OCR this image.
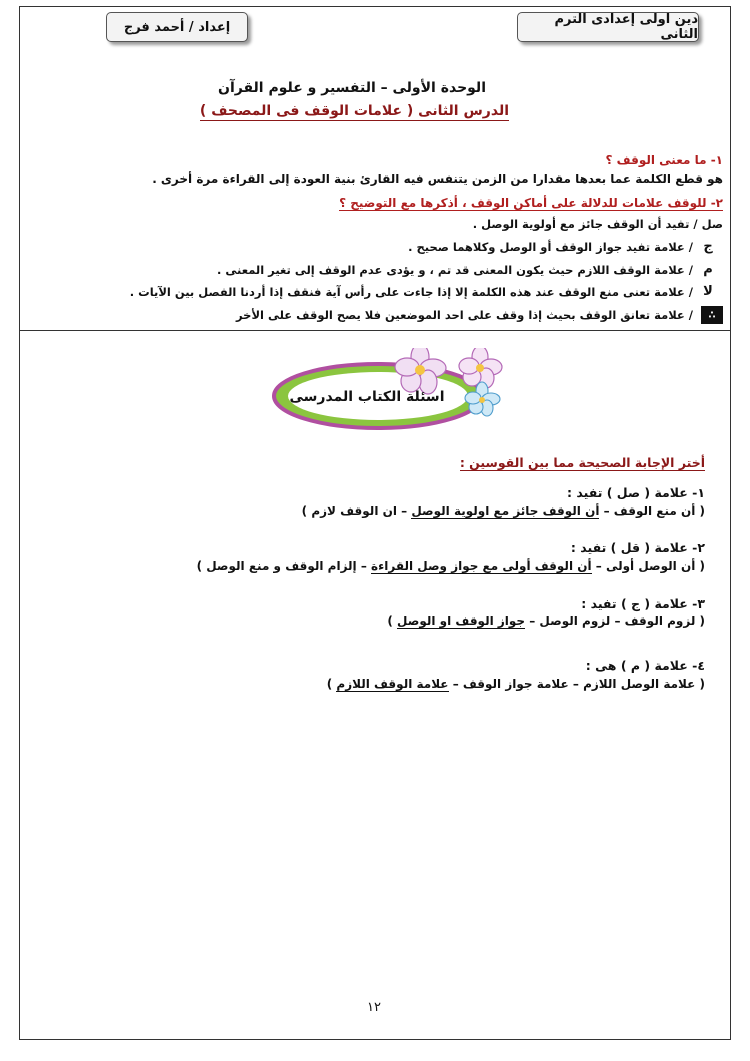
دين اولى إعدادى الترم الثانى
إعداد / أحمد فرج
الوحدة الأولى – التفسير و علوم القرآن
الدرس الثانى ( علامات الوقف فى المصحف )
١- ما معنى الوقف ؟
هو قطع الكلمة عما بعدها مقدارا من الزمن يتنفس فيه القارئ بنية العودة إلى القراءة مرة أخرى .
٢- للوقف علامات للدلالة على أماكن الوقف ، أذكرها مع التوضيح ؟
صل /

تفيد أن الوقف جائز مع أولوية الوصل .
ج
/ علامة تفيد جواز الوقف أو الوصل وكلاهما صحيح .
م
/ علامة الوقف اللازم حيث يكون المعنى قد تم ، و يؤدى عدم الوقف إلى تغير المعنى .
لا
/ علامة تعنى منع الوقف عند هذه الكلمة إلا إذا جاءت على رأس آية فنقف إذا أردنا الفصل بين الآيات .
∴
/ علامة تعانق الوقف بحيث إذا وقف على احد الموضعين فلا يصح الوقف على الأخر
اسئلة الكتاب المدرسى
أختر الإجابة الصحيحة مما بين القوسين :
١- علامة ( صل ) تفيد :
( أن منع الوقف – أن الوقف جائز مع اولوية الوصل – ان الوقف لازم )
٢- علامة ( قل ) تفيد :
( أن الوصل أولى – أن الوقف أولى مع جواز وصل القراءة – إلزام الوقف و منع الوصل )
٣- علامة ( ج ) تفيد :
( لزوم الوقف – لزوم الوصل – جواز الوقف او الوصل )
٤- علامة ( م ) هى :
( علامة الوصل اللازم – علامة جواز الوقف – علامة الوقف اللازم )
١٢
